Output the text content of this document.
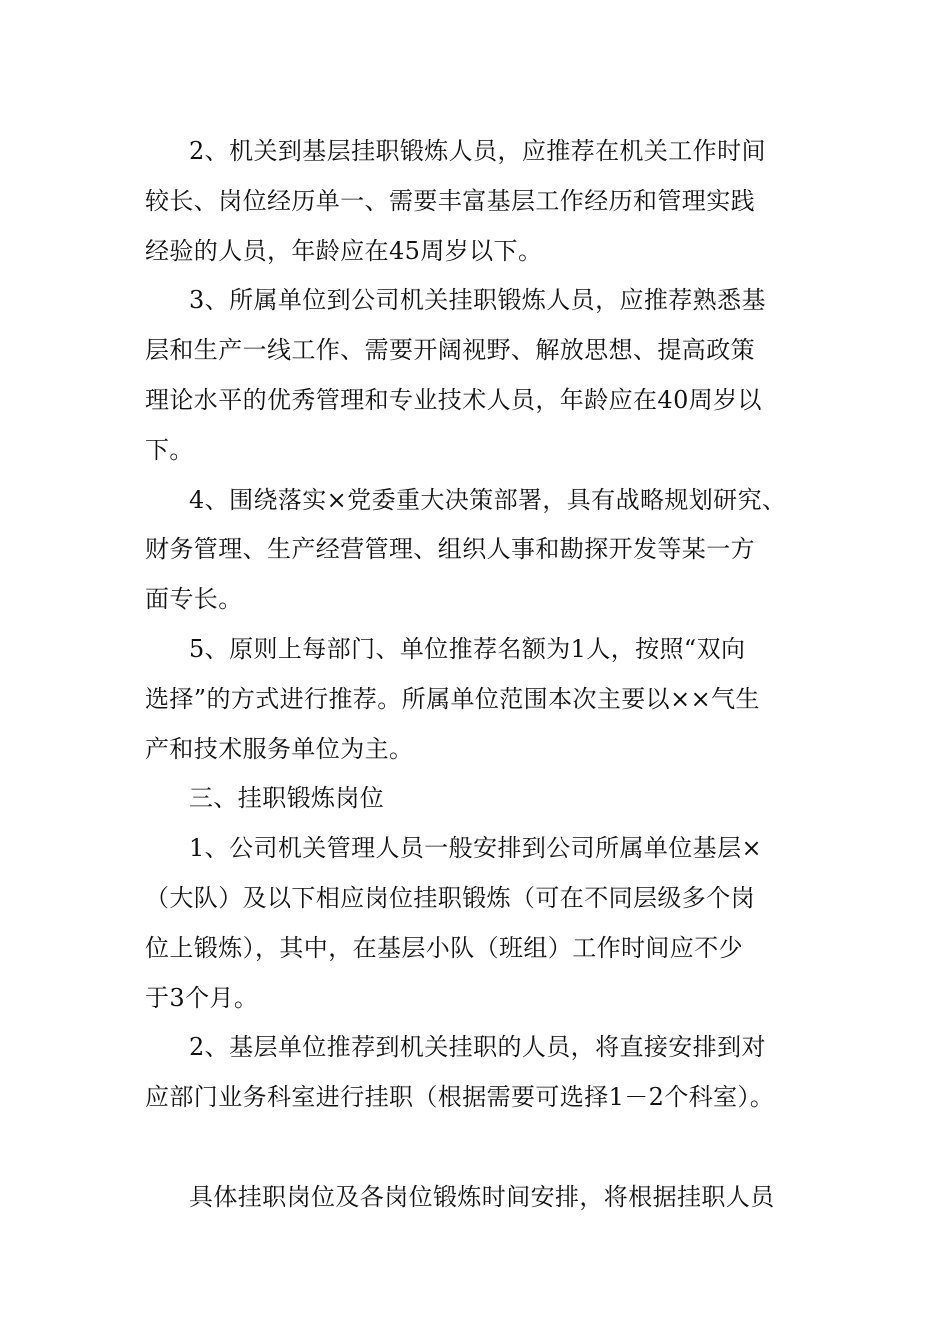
2、机关到基层挂职锻炼人员，应推荐在机关工作时间
较长、岗位经历单一、需要丰富基层工作经历和管理实践
经验的人员，年龄应在45周岁以下。
3、所属单位到公司机关挂职锻炼人员，应推荐熟悉基
层和生产一线工作、需要开阔视野、解放思想、提高政策
理论水平的优秀管理和专业技术人员，年龄应在40周岁以
下。
4、围绕落实×党委重大决策部署，具有战略规划研究、
财务管理、生产经营管理、组织人事和勘探开发等某一方
面专长。
5、原则上每部门、单位推荐名额为1人，按照“双向
选择”的方式进行推荐。所属单位范围本次主要以××气生
产和技术服务单位为主。
三、挂职锻炼岗位
1、公司机关管理人员一般安排到公司所属单位基层×
（大队）及以下相应岗位挂职锻炼（可在不同层级多个岗
位上锻炼），其中，在基层小队（班组）工作时间应不少
于3个月。
2、基层单位推荐到机关挂职的人员，将直接安排到对
应部门业务科室进行挂职（根据需要可选择1－2个科室）。
具体挂职岗位及各岗位锻炼时间安排，将根据挂职人员
